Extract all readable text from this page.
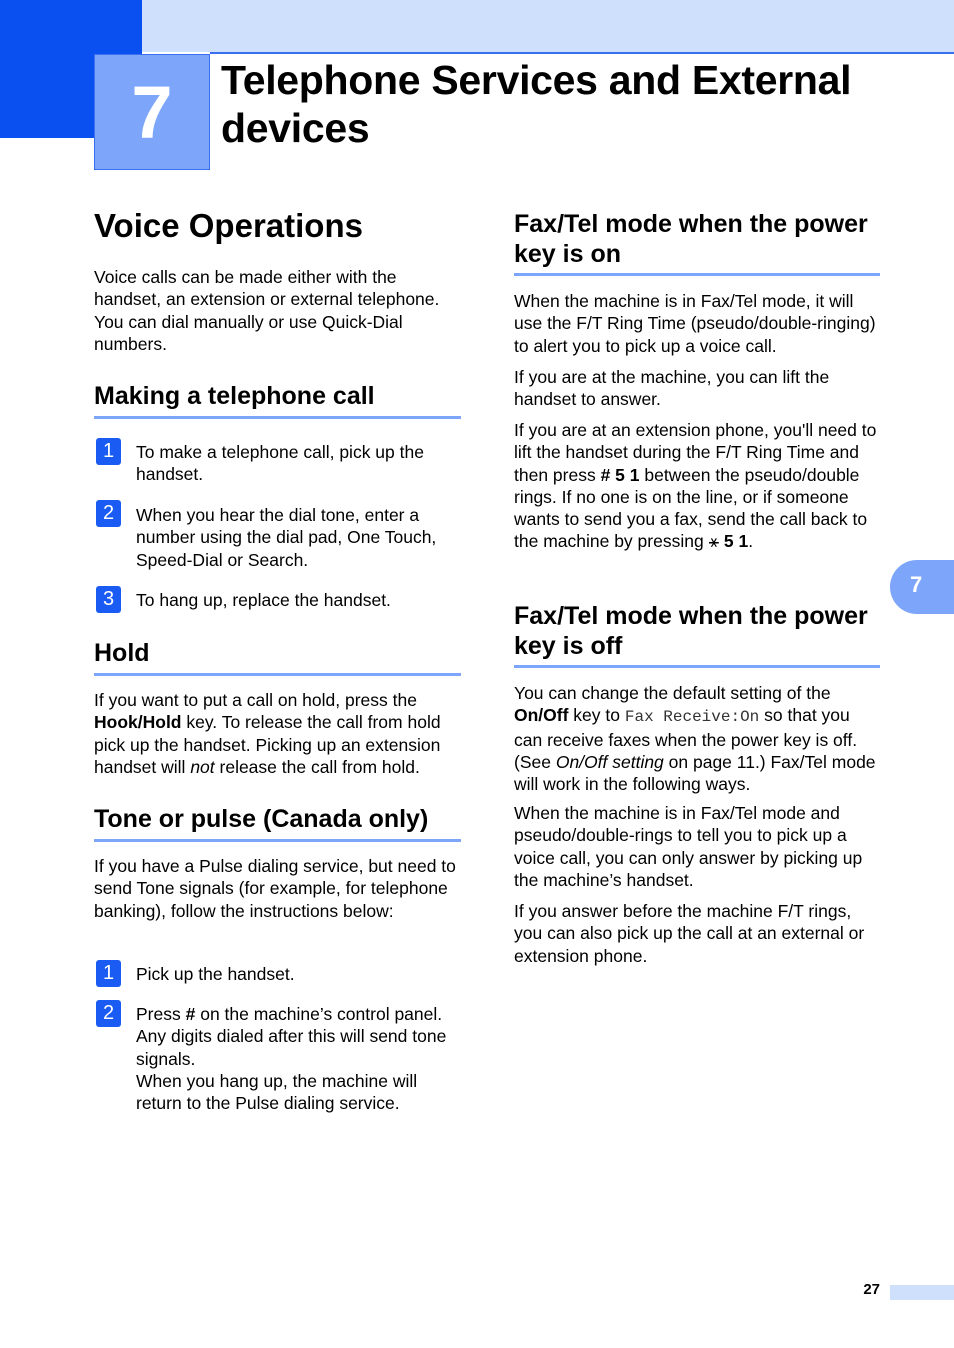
7	Telephone Services and External devices
Voice Operations

Voice calls can be made either with the handset, an extension or external telephone. You can dial manually or use Quick-Dial numbers.

Making a telephone call
1	To make a telephone call, pick up the handset.

2	When you hear the dial tone, enter a number using the dial pad, One Touch, Speed-Dial or Search.

3	To hang up, replace the handset.

Hold

If you want to put a call on hold, press the Hook/Hold key. To release the call from hold pick up the handset. Picking up an extension handset will not release the call from hold.

Tone or pulse (Canada only)

If you have a Pulse dialing service, but need to send Tone signals (for example, for telephone banking), follow the instructions below:

1	Pick up the handset.

2	Press # on the machine’s control panel. Any digits dialed after this will send tone signals.
When you hang up, the machine will return to the Pulse dialing service.
Fax/Tel mode when the power key is on

When the machine is in Fax/Tel mode, it will use the F/T Ring Time (pseudo/double-ringing) to alert you to pick up a voice call.

If you are at the machine, you can lift the handset to answer.

If you are at an extension phone, you'll need to lift the handset during the F/T Ring Time and then press # 5 1 between the pseudo/double rings. If no one is on the line, or if someone wants to send you a fax, send the call back to the machine by pressing ⚹ 5 1.

Fax/Tel mode when the power key is off

You can change the default setting of the On/Off key to Fax Receive:On so that you can receive faxes when the power key is off. (See On/Off setting on page 11.) Fax/Tel mode will work in the following ways.

When the machine is in Fax/Tel mode and pseudo/double-rings to tell you to pick up a voice call, you can only answer by picking up the machine’s handset.

If you answer before the machine F/T rings, you can also pick up the call at an external or extension phone.

7
27
